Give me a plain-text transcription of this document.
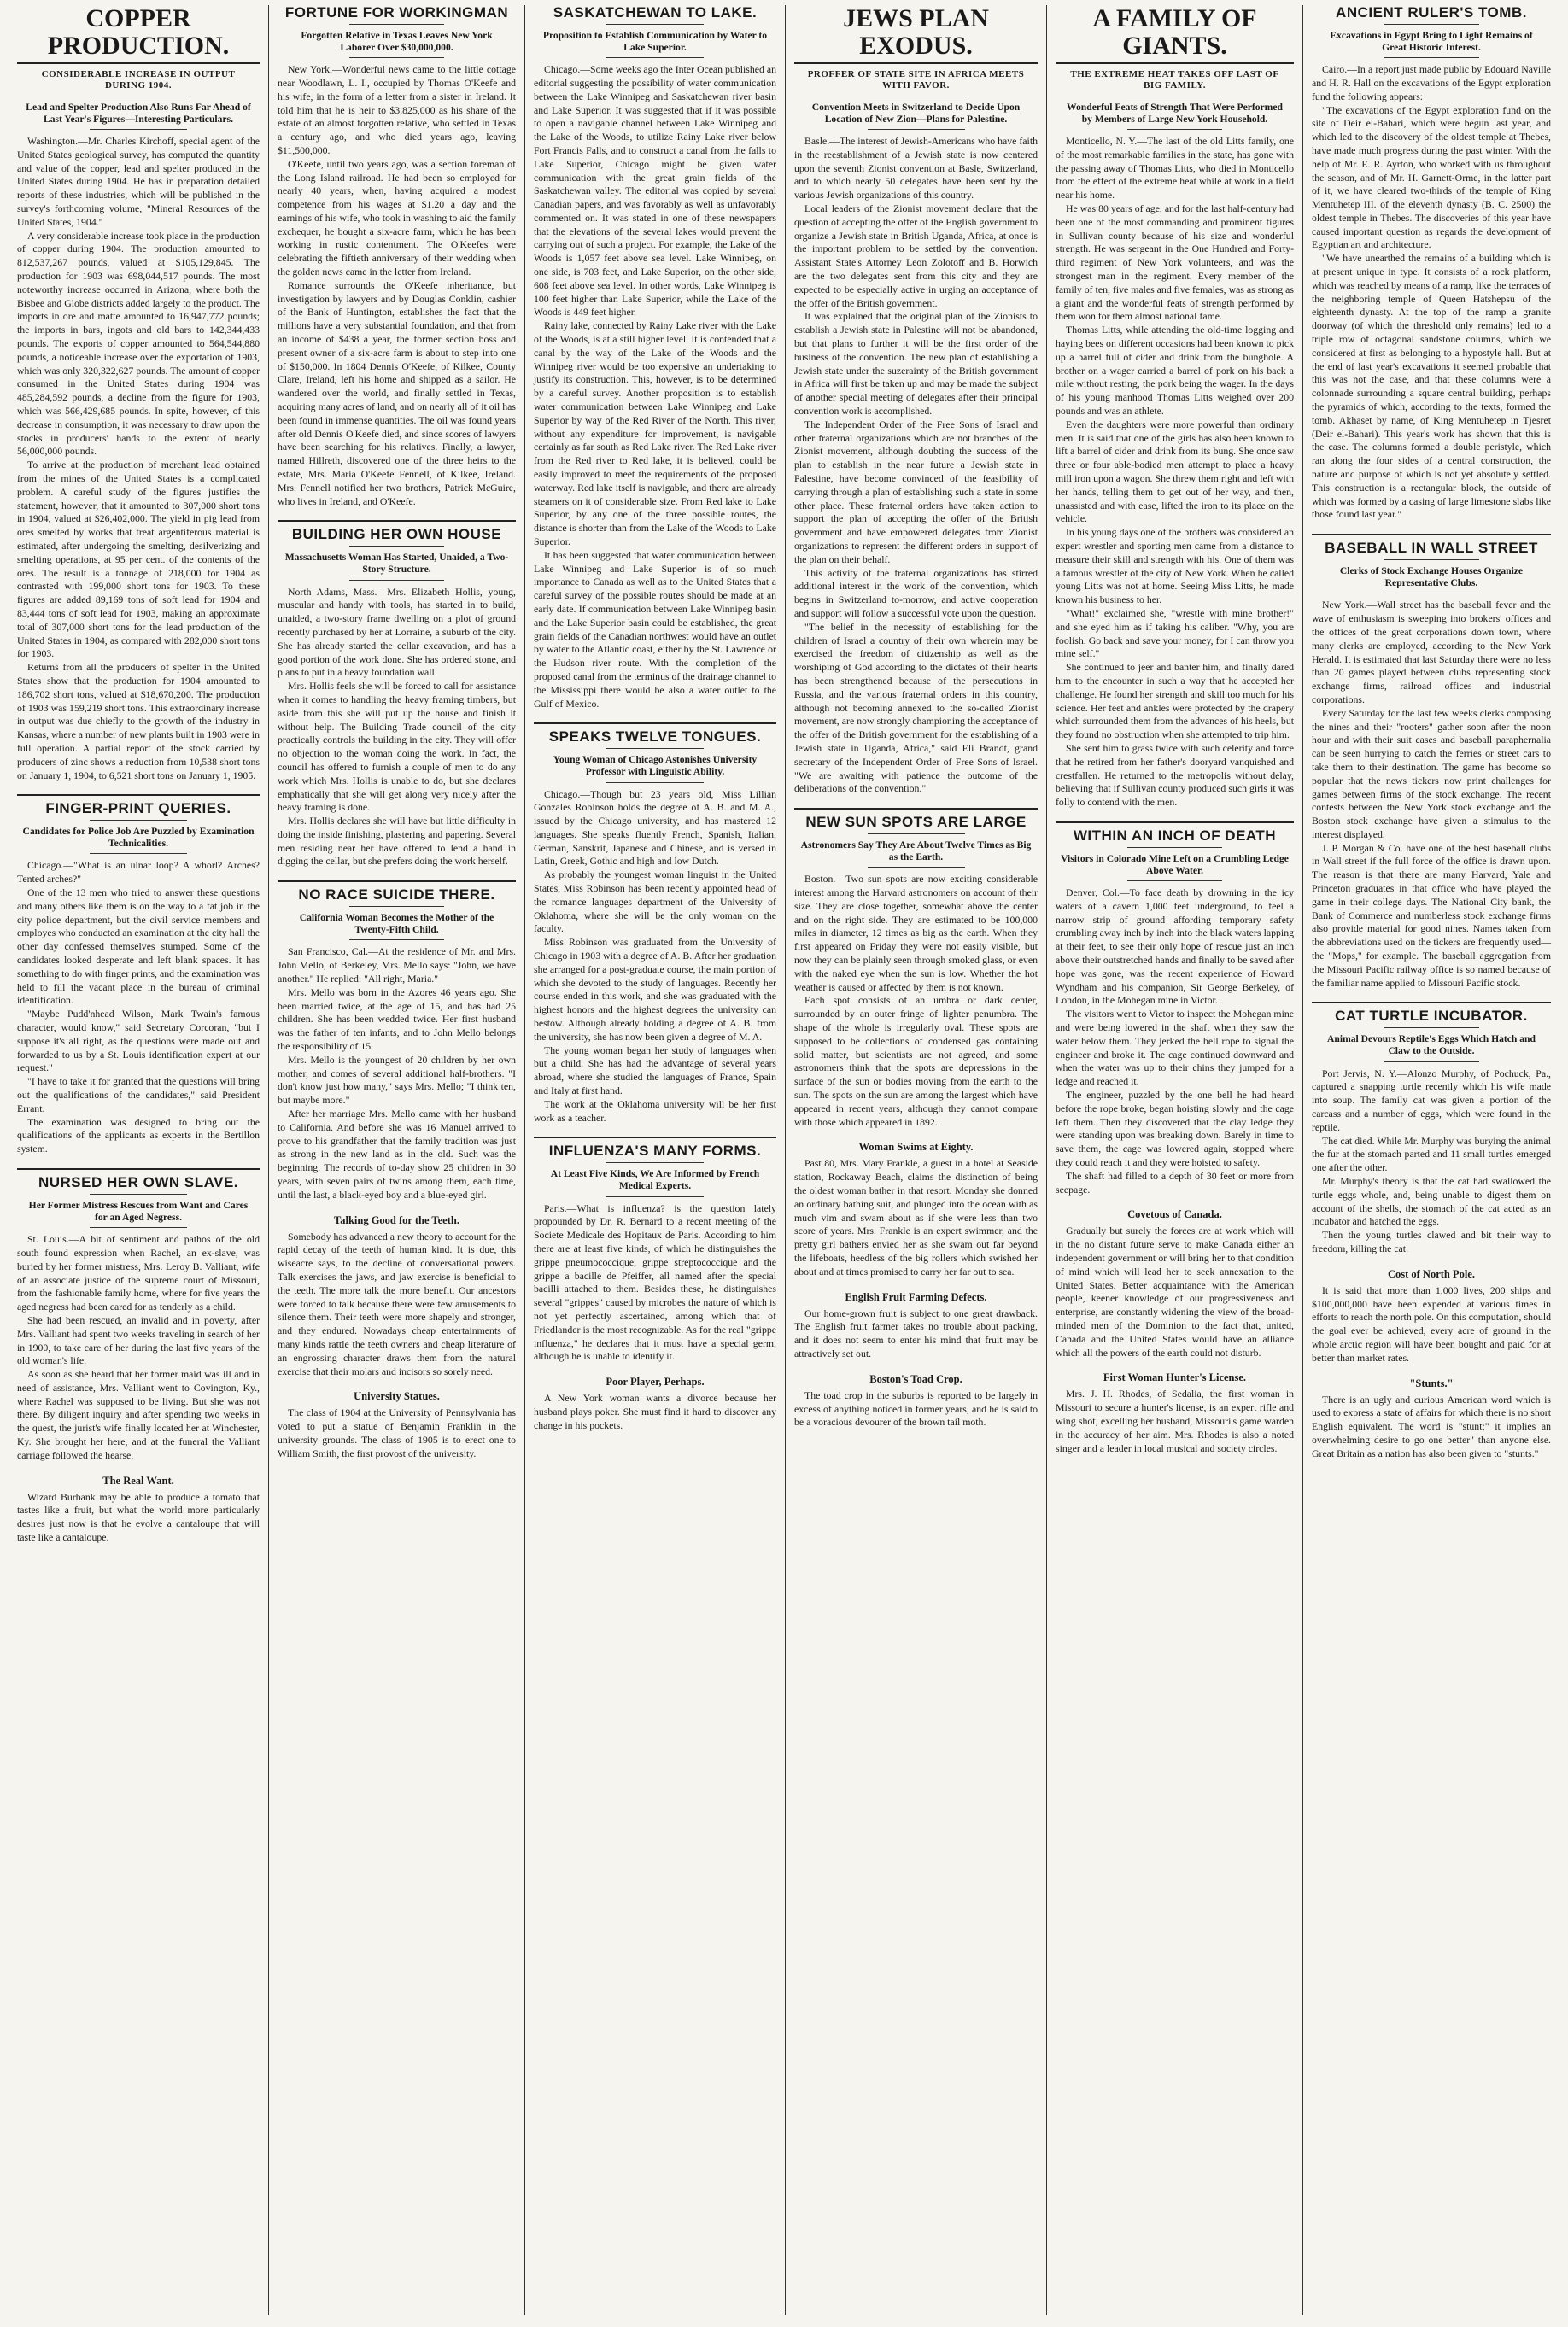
COPPER PRODUCTION.
CONSIDERABLE INCREASE IN OUTPUT DURING 1904.
Lead and Spelter Production Also Runs Far Ahead of Last Year's Figures—Interesting Particulars.

Washington.—Mr. Charles Kirchoff, special agent of the United States geological survey, has computed the quantity and value of the copper, lead and spelter produced in the United States during 1904. He has in preparation detailed reports of these industries, which will be published in the survey's forthcoming volume, "Mineral Resources of the United States, 1904."

A very considerable increase took place in the production of copper during 1904. The production amounted to 812,537,267 pounds, valued at $105,129,845. The production for 1903 was 698,044,517 pounds. The most noteworthy increase occurred in Arizona, where both the Bisbee and Globe districts added largely to the product. The imports in ore and matte amounted to 16,947,772 pounds; the imports in bars, ingots and old bars to 142,344,433 pounds. The exports of copper amounted to 564,544,880 pounds, a noticeable increase over the exportation of 1903, which was only 320,322,627 pounds. The amount of copper consumed in the United States during 1904 was 485,284,592 pounds, a decline from the figure for 1903, which was 566,429,685 pounds. In spite, however, of this decrease in consumption, it was necessary to draw upon the stocks in producers' hands to the extent of nearly 56,000,000 pounds.

To arrive at the production of merchant lead obtained from the mines of the United States is a complicated problem. A careful study of the figures justifies the statement, however, that it amounted to 307,000 short tons in 1904, valued at $26,402,000. The yield in pig lead from ores smelted by works that treat argentiferous material is estimated, after undergoing the smelting, desilverizing and smelting operations, at 95 per cent. of the contents of the ores. The result is a tonnage of 218,000 for 1904 as contrasted with 199,000 short tons for 1903. To these figures are added 89,169 tons of soft lead for 1904 and 83,444 tons of soft lead for 1903, making an approximate total of 307,000 short tons for the lead production of the United States in 1904, as compared with 282,000 short tons for 1903.

Returns from all the producers of spelter in the United States show that the production for 1904 amounted to 186,702 short tons, valued at $18,670,200. The production of 1903 was 159,219 short tons. This extraordinary increase in output was due chiefly to the growth of the industry in Kansas, where a number of new plants built in 1903 were in full operation. A partial report of the stock carried by producers of zinc shows a reduction from 10,538 short tons on January 1, 1904, to 6,521 short tons on January 1, 1905.

FINGER-PRINT QUERIES.
Candidates for Police Job Are Puzzled by Examination Technicalities.

Chicago.—"What is an ulnar loop? A whorl? Arches? Tented arches?"

One of the 13 men who tried to answer these questions and many others like them is on the way to a fat job in the city police department, but the civil service members and employes who conducted an examination at the city hall the other day confessed themselves stumped. Some of the candidates looked desperate and left blank spaces. It has something to do with finger prints, and the examination was held to fill the vacant place in the bureau of criminal identification.

"Maybe Pudd'nhead Wilson, Mark Twain's famous character, would know," said Secretary Corcoran, "but I suppose it's all right, as the questions were made out and forwarded to us by a St. Louis identification expert at our request."

"I have to take it for granted that the questions will bring out the qualifications of the candidates," said President Errant.

The examination was designed to bring out the qualifications of the applicants as experts in the Bertillon system.

NURSED HER OWN SLAVE.
Her Former Mistress Rescues from Want and Cares for an Aged Negress.

St. Louis.—A bit of sentiment and pathos of the old south found expression when Rachel, an ex-slave, was buried by her former mistress, Mrs. Leroy B. Valliant, wife of an associate justice of the supreme court of Missouri, from the fashionable family home, where for five years the aged negress had been cared for as tenderly as a child.

She had been rescued, an invalid and in poverty, after Mrs. Valliant had spent two weeks traveling in search of her in 1900, to take care of her during the last five years of the old woman's life.

As soon as she heard that her former maid was ill and in need of assistance, Mrs. Valliant went to Covington, Ky., where Rachel was supposed to be living. But she was not there. By diligent inquiry and after spending two weeks in the quest, the jurist's wife finally located her at Winchester, Ky. She brought her here, and at the funeral the Valliant carriage followed the hearse.

The Real Want.

Wizard Burbank may be able to produce a tomato that tastes like a fruit, but what the world more particularly desires just now is that he evolve a cantaloupe that will taste like a cantaloupe.

FORTUNE FOR WORKINGMAN
Forgotten Relative in Texas Leaves New York Laborer Over $30,000,000.

New York.—Wonderful news came to the little cottage near Woodlawn, L. I., occupied by Thomas O'Keefe and his wife, in the form of a letter from a sister in Ireland. It told him that he is heir to $3,825,000 as his share of the estate of an almost forgotten relative, who settled in Texas a century ago, and who died years ago, leaving $11,500,000.

O'Keefe, until two years ago, was a section foreman of the Long Island railroad. He had been so employed for nearly 40 years, when, having acquired a modest competence from his wages at $1.20 a day and the earnings of his wife, who took in washing to aid the family exchequer, he bought a six-acre farm, which he has been working in rustic contentment. The O'Keefes were celebrating the fiftieth anniversary of their wedding when the golden news came in the letter from Ireland.

Romance surrounds the O'Keefe inheritance, but investigation by lawyers and by Douglas Conklin, cashier of the Bank of Huntington, establishes the fact that the millions have a very substantial foundation, and that from an income of $438 a year, the former section boss and present owner of a six-acre farm is about to step into one of $150,000. In 1804 Dennis O'Keefe, of Kilkee, County Clare, Ireland, left his home and shipped as a sailor. He wandered over the world, and finally settled in Texas, acquiring many acres of land, and on nearly all of it oil has been found in immense quantities. The oil was found years after old Dennis O'Keefe died, and since scores of lawyers have been searching for his relatives. Finally, a lawyer, named Hillreth, discovered one of the three heirs to the estate, Mrs. Maria O'Keefe Fennell, of Kilkee, Ireland. Mrs. Fennell notified her two brothers, Patrick McGuire, who lives in Ireland, and O'Keefe.

BUILDING HER OWN HOUSE
Massachusetts Woman Has Started, Unaided, a Two-Story Structure.

North Adams, Mass.—Mrs. Elizabeth Hollis, young, muscular and handy with tools, has started in to build, unaided, a two-story frame dwelling on a plot of ground recently purchased by her at Lorraine, a suburb of the city. She has already started the cellar excavation, and has a good portion of the work done. She has ordered stone, and plans to put in a heavy foundation wall.

Mrs. Hollis feels she will be forced to call for assistance when it comes to handling the heavy framing timbers, but aside from this she will put up the house and finish it without help. The Building Trade council of the city practically controls the building in the city. They will offer no objection to the woman doing the work. In fact, the council has offered to furnish a couple of men to do any work which Mrs. Hollis is unable to do, but she declares emphatically that she will get along very nicely after the heavy framing is done.

Mrs. Hollis declares she will have but little difficulty in doing the inside finishing, plastering and papering. Several men residing near her have offered to lend a hand in digging the cellar, but she prefers doing the work herself.

NO RACE SUICIDE THERE.
California Woman Becomes the Mother of the Twenty-Fifth Child.

San Francisco, Cal.—At the residence of Mr. and Mrs. John Mello, of Berkeley, Mrs. Mello says: "John, we have another." He replied: "All right, Maria."

Mrs. Mello was born in the Azores 46 years ago. She been married twice, at the age of 15, and has had 25 children. She has been wedded twice. Her first husband was the father of ten infants, and to John Mello belongs the responsibility of 15.

Mrs. Mello is the youngest of 20 children by her own mother, and comes of several additional half-brothers. "I don't know just how many," says Mrs. Mello; "I think ten, but maybe more."

After her marriage Mrs. Mello came with her husband to California. And before she was 16 Manuel arrived to prove to his grandfather that the family tradition was just as strong in the new land as in the old. Such was the beginning. The records of to-day show 25 children in 30 years, with seven pairs of twins among them, each time, until the last, a black-eyed boy and a blue-eyed girl.

Talking Good for the Teeth.

Somebody has advanced a new theory to account for the rapid decay of the teeth of human kind. It is due, this wiseacre says, to the decline of conversational powers. Talk exercises the jaws, and jaw exercise is beneficial to the teeth. The more talk the more benefit. Our ancestors were forced to talk because there were few amusements to silence them. Their teeth were more shapely and stronger, and they endured. Nowadays cheap entertainments of many kinds rattle the teeth owners and cheap literature of an engrossing character draws them from the natural exercise that their molars and incisors so sorely need.

University Statues.

The class of 1904 at the University of Pennsylvania has voted to put a statue of Benjamin Franklin in the university grounds. The class of 1905 is to erect one to William Smith, the first provost of the university.

SASKATCHEWAN TO LAKE.
Proposition to Establish Communication by Water to Lake Superior.

Chicago.—Some weeks ago the Inter Ocean published an editorial suggesting the possibility of water communication between the Lake Winnipeg and Saskatchewan river basin and Lake Superior. It was suggested that if it was possible to open a navigable channel between Lake Winnipeg and the Lake of the Woods, to utilize Rainy Lake river below Fort Francis Falls, and to construct a canal from the falls to Lake Superior, Chicago might be given water communication with the great grain fields of the Saskatchewan valley. The editorial was copied by several Canadian papers, and was favorably as well as unfavorably commented on. It was stated in one of these newspapers that the elevations of the several lakes would prevent the carrying out of such a project. For example, the Lake of the Woods is 1,057 feet above sea level. Lake Winnipeg, on one side, is 703 feet, and Lake Superior, on the other side, 608 feet above sea level. In other words, Lake Winnipeg is 100 feet higher than Lake Superior, while the Lake of the Woods is 449 feet higher.

Rainy lake, connected by Rainy Lake river with the Lake of the Woods, is at a still higher level. It is contended that a canal by the way of the Lake of the Woods and the Winnipeg river would be too expensive an undertaking to justify its construction. This, however, is to be determined by a careful survey. Another proposition is to establish water communication between Lake Winnipeg and Lake Superior by way of the Red River of the North. This river, without any expenditure for improvement, is navigable certainly as far south as Red Lake river. The Red Lake river from the Red river to Red lake, it is believed, could be easily improved to meet the requirements of the proposed waterway. Red lake itself is navigable, and there are already steamers on it of considerable size. From Red lake to Lake Superior, by any one of the three possible routes, the distance is shorter than from the Lake of the Woods to Lake Superior.

It has been suggested that water communication between Lake Winnipeg and Lake Superior is of so much importance to Canada as well as to the United States that a careful survey of the possible routes should be made at an early date. If communication between Lake Winnipeg basin and the Lake Superior basin could be established, the great grain fields of the Canadian northwest would have an outlet by water to the Atlantic coast, either by the St. Lawrence or the Hudson river route. With the completion of the proposed canal from the terminus of the drainage channel to the Mississippi there would be also a water outlet to the Gulf of Mexico.

SPEAKS TWELVE TONGUES.
Young Woman of Chicago Astonishes University Professor with Linguistic Ability.

Chicago.—Though but 23 years old, Miss Lillian Gonzales Robinson holds the degree of A. B. and M. A., issued by the Chicago university, and has mastered 12 languages. She speaks fluently French, Spanish, Italian, German, Sanskrit, Japanese and Chinese, and is versed in Latin, Greek, Gothic and high and low Dutch.

As probably the youngest woman linguist in the United States, Miss Robinson has been recently appointed head of the romance languages department of the University of Oklahoma, where she will be the only woman on the faculty.

Miss Robinson was graduated from the University of Chicago in 1903 with a degree of A. B. After her graduation she arranged for a post-graduate course, the main portion of which she devoted to the study of languages. Recently her course ended in this work, and she was graduated with the highest honors and the highest degrees the university can bestow. Although already holding a degree of A. B. from the university, she has now been given a degree of M. A.

The young woman began her study of languages when but a child. She has had the advantage of several years abroad, where she studied the languages of France, Spain and Italy at first hand.

The work at the Oklahoma university will be her first work as a teacher.

INFLUENZA'S MANY FORMS.
At Least Five Kinds, We Are Informed by French Medical Experts.

Paris.—What is influenza? is the question lately propounded by Dr. R. Bernard to a recent meeting of the Societe Medicale des Hopitaux de Paris. According to him there are at least five kinds, of which he distinguishes the grippe pneumococcique, grippe streptococcique and the grippe a bacille de Pfeiffer, all named after the special bacilli attached to them. Besides these, he distinguishes several "grippes" caused by microbes the nature of which is not yet perfectly ascertained, among which that of Friedlander is the most recognizable. As for the real "grippe influenza," he declares that it must have a special germ, although he is unable to identify it.

Poor Player, Perhaps.

A New York woman wants a divorce because her husband plays poker. She must find it hard to discover any change in his pockets.

JEWS PLAN EXODUS.
PROFFER OF STATE SITE IN AFRICA MEETS WITH FAVOR.
Convention Meets in Switzerland to Decide Upon Location of New Zion—Plans for Palestine.

Basle.—The interest of Jewish-Americans who have faith in the reestablishment of a Jewish state is now centered upon the seventh Zionist convention at Basle, Switzerland, and to which nearly 50 delegates have been sent by the various Jewish organizations of this country.

Local leaders of the Zionist movement declare that the question of accepting the offer of the English government to organize a Jewish state in British Uganda, Africa, at once is the important problem to be settled by the convention. Assistant State's Attorney Leon Zolotoff and B. Horwich are the two delegates sent from this city and they are expected to be especially active in urging an acceptance of the offer of the British government.

It was explained that the original plan of the Zionists to establish a Jewish state in Palestine will not be abandoned, but that plans to further it will be the first order of the business of the convention. The new plan of establishing a Jewish state under the suzerainty of the British government in Africa will first be taken up and may be made the subject of another special meeting of delegates after their principal convention work is accomplished.

The Independent Order of the Free Sons of Israel and other fraternal organizations which are not branches of the Zionist movement, although doubting the success of the plan to establish in the near future a Jewish state in Palestine, have become convinced of the feasibility of carrying through a plan of establishing such a state in some other place. These fraternal orders have taken action to support the plan of accepting the offer of the British government and have empowered delegates from Zionist organizations to represent the different orders in support of the plan on their behalf.

This activity of the fraternal organizations has stirred additional interest in the work of the convention, which begins in Switzerland to-morrow, and active cooperation and support will follow a successful vote upon the question.

"The belief in the necessity of establishing for the children of Israel a country of their own wherein may be exercised the freedom of citizenship as well as the worshiping of God according to the dictates of their hearts has been strengthened because of the persecutions in Russia, and the various fraternal orders in this country, although not becoming annexed to the so-called Zionist movement, are now strongly championing the acceptance of the offer of the British government for the establishing of a Jewish state in Uganda, Africa," said Eli Brandt, grand secretary of the Independent Order of Free Sons of Israel. "We are awaiting with patience the outcome of the deliberations of the convention."

NEW SUN SPOTS ARE LARGE
Astronomers Say They Are About Twelve Times as Big as the Earth.

Boston.—Two sun spots are now exciting considerable interest among the Harvard astronomers on account of their size. They are close together, somewhat above the center and on the right side. They are estimated to be 100,000 miles in diameter, 12 times as big as the earth. When they first appeared on Friday they were not easily visible, but now they can be plainly seen through smoked glass, or even with the naked eye when the sun is low. Whether the hot weather is caused or affected by them is not known.

Each spot consists of an umbra or dark center, surrounded by an outer fringe of lighter penumbra. The shape of the whole is irregularly oval. These spots are supposed to be collections of condensed gas containing solid matter, but scientists are not agreed, and some astronomers think that the spots are depressions in the surface of the sun or bodies moving from the earth to the sun. The spots on the sun are among the largest which have appeared in recent years, although they cannot compare with those which appeared in 1892.

Woman Swims at Eighty.

Past 80, Mrs. Mary Frankle, a guest in a hotel at Seaside station, Rockaway Beach, claims the distinction of being the oldest woman bather in that resort. Monday she donned an ordinary bathing suit, and plunged into the ocean with as much vim and swam about as if she were less than two score of years. Mrs. Frankle is an expert swimmer, and the pretty girl bathers envied her as she swam out far beyond the lifeboats, heedless of the big rollers which swished her about and at times promised to carry her far out to sea.

English Fruit Farming Defects.

Our home-grown fruit is subject to one great drawback. The English fruit farmer takes no trouble about packing, and it does not seem to enter his mind that fruit may be attractively set out.

Boston's Toad Crop.

The toad crop in the suburbs is reported to be largely in excess of anything noticed in former years, and he is said to be a voracious devourer of the brown tail moth.

A FAMILY OF GIANTS.
THE EXTREME HEAT TAKES OFF LAST OF BIG FAMILY.
Wonderful Feats of Strength That Were Performed by Members of Large New York Household.

Monticello, N. Y.—The last of the old Litts family, one of the most remarkable families in the state, has gone with the passing away of Thomas Litts, who died in Monticello from the effect of the extreme heat while at work in a field near his home.

He was 80 years of age, and for the last half-century had been one of the most commanding and prominent figures in Sullivan county because of his size and wonderful strength. He was sergeant in the One Hundred and Forty-third regiment of New York volunteers, and was the strongest man in the regiment. Every member of the family of ten, five males and five females, was as strong as a giant and the wonderful feats of strength performed by them won for them almost national fame.

Thomas Litts, while attending the old-time logging and haying bees on different occasions had been known to pick up a barrel full of cider and drink from the bunghole. A brother on a wager carried a barrel of pork on his back a mile without resting, the pork being the wager. In the days of his young manhood Thomas Litts weighed over 200 pounds and was an athlete.

Even the daughters were more powerful than ordinary men. It is said that one of the girls has also been known to lift a barrel of cider and drink from its bung. She once saw three or four able-bodied men attempt to place a heavy mill iron upon a wagon. She threw them right and left with her hands, telling them to get out of her way, and then, unassisted and with ease, lifted the iron to its place on the vehicle.

In his young days one of the brothers was considered an expert wrestler and sporting men came from a distance to measure their skill and strength with his. One of them was a famous wrestler of the city of New York. When he called young Litts was not at home. Seeing Miss Litts, he made known his business to her.

"What!" exclaimed she, "wrestle with mine brother!" and she eyed him as if taking his caliber. "Why, you are foolish. Go back and save your money, for I can throw you mine self."

She continued to jeer and banter him, and finally dared him to the encounter in such a way that he accepted her challenge. He found her strength and skill too much for his science. Her feet and ankles were protected by the drapery which surrounded them from the advances of his heels, but they found no obstruction when she attempted to trip him.

She sent him to grass twice with such celerity and force that he retired from her father's dooryard vanquished and crestfallen. He returned to the metropolis without delay, believing that if Sullivan county produced such girls it was folly to contend with the men.

WITHIN AN INCH OF DEATH
Visitors in Colorado Mine Left on a Crumbling Ledge Above Water.

Denver, Col.—To face death by drowning in the icy waters of a cavern 1,000 feet underground, to feel a narrow strip of ground affording temporary safety crumbling away inch by inch into the black waters lapping at their feet, to see their only hope of rescue just an inch above their outstretched hands and finally to be saved after hope was gone, was the recent experience of Howard Wyndham and his companion, Sir George Berkeley, of London, in the Mohegan mine in Victor.

The visitors went to Victor to inspect the Mohegan mine and were being lowered in the shaft when they saw the water below them. They jerked the bell rope to signal the engineer and broke it. The cage continued downward and when the water was up to their chins they jumped for a ledge and reached it.

The engineer, puzzled by the one bell he had heard before the rope broke, began hoisting slowly and the cage left them. Then they discovered that the clay ledge they were standing upon was breaking down. Barely in time to save them, the cage was lowered again, stopped where they could reach it and they were hoisted to safety.

The shaft had filled to a depth of 30 feet or more from seepage.

Covetous of Canada.

Gradually but surely the forces are at work which will in the no distant future serve to make Canada either an independent government or will bring her to that condition of mind which will lead her to seek annexation to the United States. Better acquaintance with the American people, keener knowledge of our progressiveness and enterprise, are constantly widening the view of the broad-minded men of the Dominion to the fact that, united, Canada and the United States would have an alliance which all the powers of the earth could not disturb.

First Woman Hunter's License.

Mrs. J. H. Rhodes, of Sedalia, the first woman in Missouri to secure a hunter's license, is an expert rifle and wing shot, excelling her husband, Missouri's game warden in the accuracy of her aim. Mrs. Rhodes is also a noted singer and a leader in local musical and society circles.

ANCIENT RULER'S TOMB.
Excavations in Egypt Bring to Light Remains of Great Historic Interest.

Cairo.—In a report just made public by Edouard Naville and H. R. Hall on the excavations of the Egypt exploration fund the following appears:

"The excavations of the Egypt exploration fund on the site of Deir el-Bahari, which were begun last year, and which led to the discovery of the oldest temple at Thebes, have made much progress during the past winter. With the help of Mr. E. R. Ayrton, who worked with us throughout the season, and of Mr. H. Garnett-Orme, in the latter part of it, we have cleared two-thirds of the temple of King Mentuhetep III. of the eleventh dynasty (B. C. 2500) the oldest temple in Thebes. The discoveries of this year have caused important question as regards the development of Egyptian art and architecture.

"We have unearthed the remains of a building which is at present unique in type. It consists of a rock platform, which was reached by means of a ramp, like the terraces of the neighboring temple of Queen Hatshepsu of the eighteenth dynasty. At the top of the ramp a granite doorway (of which the threshold only remains) led to a triple row of octagonal sandstone columns, which we considered at first as belonging to a hypostyle hall. But at the end of last year's excavations it seemed probable that this was not the case, and that these columns were a colonnade surrounding a square central building, perhaps the pyramids of which, according to the texts, formed the tomb. Akhaset by name, of King Mentuhetep in Tjesret (Deir el-Bahari). This year's work has shown that this is the case. The columns formed a double peristyle, which ran along the four sides of a central construction, the nature and purpose of which is not yet absolutely settled. This construction is a rectangular block, the outside of which was formed by a casing of large limestone slabs like those found last year."

BASEBALL IN WALL STREET
Clerks of Stock Exchange Houses Organize Representative Clubs.

New York.—Wall street has the baseball fever and the wave of enthusiasm is sweeping into brokers' offices and the offices of the great corporations down town, where many clerks are employed, according to the New York Herald. It is estimated that last Saturday there were no less than 20 games played between clubs representing stock exchange firms, railroad offices and industrial corporations.

Every Saturday for the last few weeks clerks composing the nines and their "rooters" gather soon after the noon hour and with their suit cases and baseball paraphernalia can be seen hurrying to catch the ferries or street cars to take them to their destination. The game has become so popular that the news tickers now print challenges for games between firms of the stock exchange. The recent contests between the New York stock exchange and the Boston stock exchange have given a stimulus to the interest displayed.

J. P. Morgan & Co. have one of the best baseball clubs in Wall street if the full force of the office is drawn upon. The reason is that there are many Harvard, Yale and Princeton graduates in that office who have played the game in their college days. The National City bank, the Bank of Commerce and numberless stock exchange firms also provide material for good nines. Names taken from the abbreviations used on the tickers are frequently used—the "Mops," for example. The baseball aggregation from the Missouri Pacific railway office is so named because of the familiar name applied to Missouri Pacific stock.

CAT TURTLE INCUBATOR.
Animal Devours Reptile's Eggs Which Hatch and Claw to the Outside.

Port Jervis, N. Y.—Alonzo Murphy, of Pochuck, Pa., captured a snapping turtle recently which his wife made into soup. The family cat was given a portion of the carcass and a number of eggs, which were found in the reptile.

The cat died. While Mr. Murphy was burying the animal the fur at the stomach parted and 11 small turtles emerged one after the other.

Mr. Murphy's theory is that the cat had swallowed the turtle eggs whole, and, being unable to digest them on account of the shells, the stomach of the cat acted as an incubator and hatched the eggs.

Then the young turtles clawed and bit their way to freedom, killing the cat.

Cost of North Pole.

It is said that more than 1,000 lives, 200 ships and $100,000,000 have been expended at various times in efforts to reach the north pole. On this computation, should the goal ever be achieved, every acre of ground in the whole arctic region will have been bought and paid for at better than market rates.

"Stunts."

There is an ugly and curious American word which is used to express a state of affairs for which there is no short English equivalent. The word is "stunt;" it implies an overwhelming desire to go one better" than anyone else. Great Britain as a nation has also been given to "stunts."
